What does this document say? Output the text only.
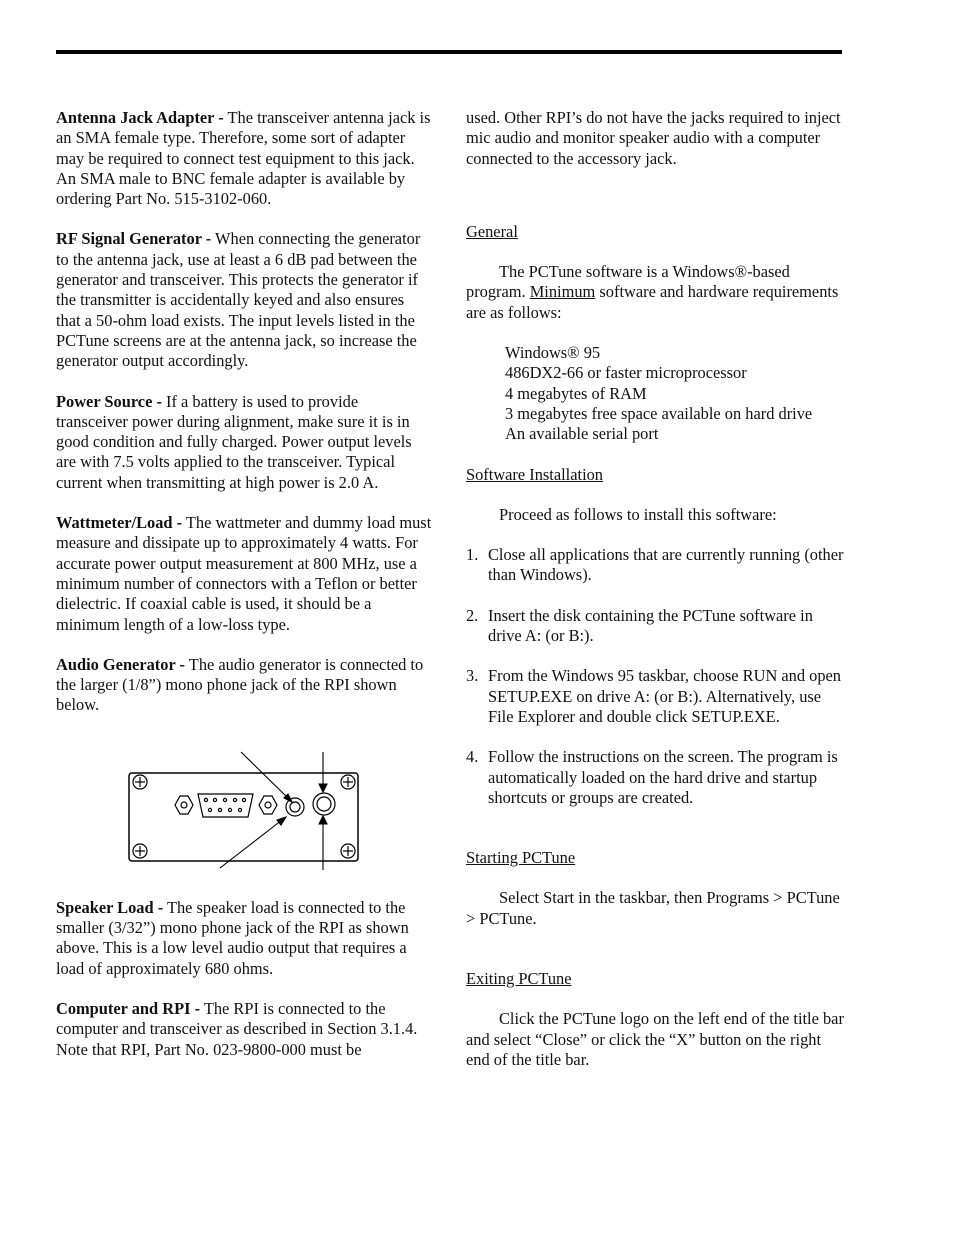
Antenna Jack Adapter - The transceiver antenna jack is an SMA female type. Therefore, some sort of adapter may be required to connect test equipment to this jack. An SMA male to BNC female adapter is available by ordering Part No. 515-3102-060.

RF Signal Generator - When connecting the generator to the antenna jack, use at least a 6 dB pad between the generator and transceiver. This protects the generator if the transmitter is accidentally keyed and also ensures that a 50-ohm load exists. The input levels listed in the PCTune screens are at the antenna jack, so increase the generator output accordingly.

Power Source - If a battery is used to provide transceiver power during alignment, make sure it is in good condition and fully charged. Power output levels are with 7.5 volts applied to the transceiver. Typical current when transmitting at high power is 2.0 A.

Wattmeter/Load - The wattmeter and dummy load must measure and dissipate up to approximately 4 watts. For accurate power output measurement at 800 MHz, use a minimum number of connectors with a Teflon or better dielectric. If coaxial cable is used, it should be a minimum length of a low-loss type.

Audio Generator - The audio generator is connected to the larger (1/8”) mono phone jack of the RPI shown below.

Speaker Load - The speaker load is connected to the smaller (3/32”) mono phone jack of the RPI as shown above. This is a low level audio output that requires a load of approximately 680 ohms.

Computer and RPI - The RPI is connected to the computer and transceiver as described in Section 3.1.4. Note that RPI, Part No. 023-9800-000 must be

used. Other RPI’s do not have the jacks required to inject mic audio and monitor speaker audio with a computer connected to the accessory jack.

General

The PCTune software is a Windows®-based program. Minimum software and hardware requirements are as follows:

Windows® 95

486DX2-66 or faster microprocessor

4 megabytes of RAM

3 megabytes free space available on hard drive

An available serial port

Software Installation

Proceed as follows to install this software:

1. Close all applications that are currently running (other than Windows).
2. Insert the disk containing the PCTune software in drive A: (or B:).
3. From the Windows 95 taskbar, choose RUN and open SETUP.EXE on drive A: (or B:). Alternatively, use File Explorer and double click SETUP.EXE.
4. Follow the instructions on the screen. The program is automatically loaded on the hard drive and startup shortcuts or groups are created.

Starting PCTune

Select Start in the taskbar, then Programs > PCTune > PCTune.

Exiting PCTune

Click the PCTune logo on the left end of the title bar and select “Close” or click the “X” button on the right end of the title bar.
